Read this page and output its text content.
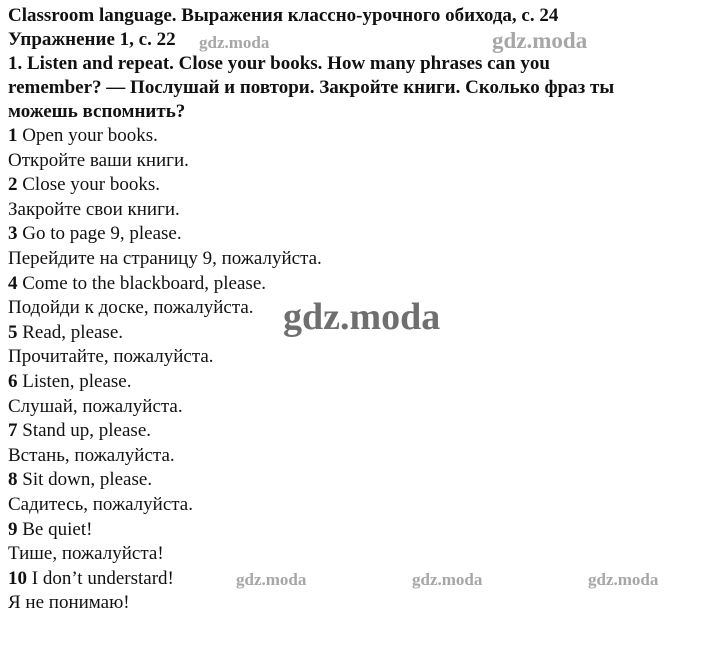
Classroom language. Выражения классно-урочного обихода, с. 24
Упражнение 1, с. 22
1. Listen and repeat. Close your books. How many phrases can you
remember? — Послушай и повтори. Закройте книги. Сколько фраз ты
можешь вспомнить?
1 Open your books.
Откройте ваши книги.
2 Close your books.
Закройте свои книги.
3 Go to page 9, please.
Перейдите на страницу 9, пожалуйста.
4 Come to the blackboard, please.
Подойди к доске, пожалуйста.
5 Read, please.
Прочитайте, пожалуйста.
6 Listen, please.
Слушай, пожалуйста.
7 Stand up, please.
Встань, пожалуйста.
8 Sit down, please.
Садитесь, пожалуйста.
9 Be quiet!
Тише, пожалуйста!
10 I don’t understard!
Я не понимаю!
gdz.moda	gdz.moda
gdz.moda
gdz.moda	gdz.moda	gdz.moda
